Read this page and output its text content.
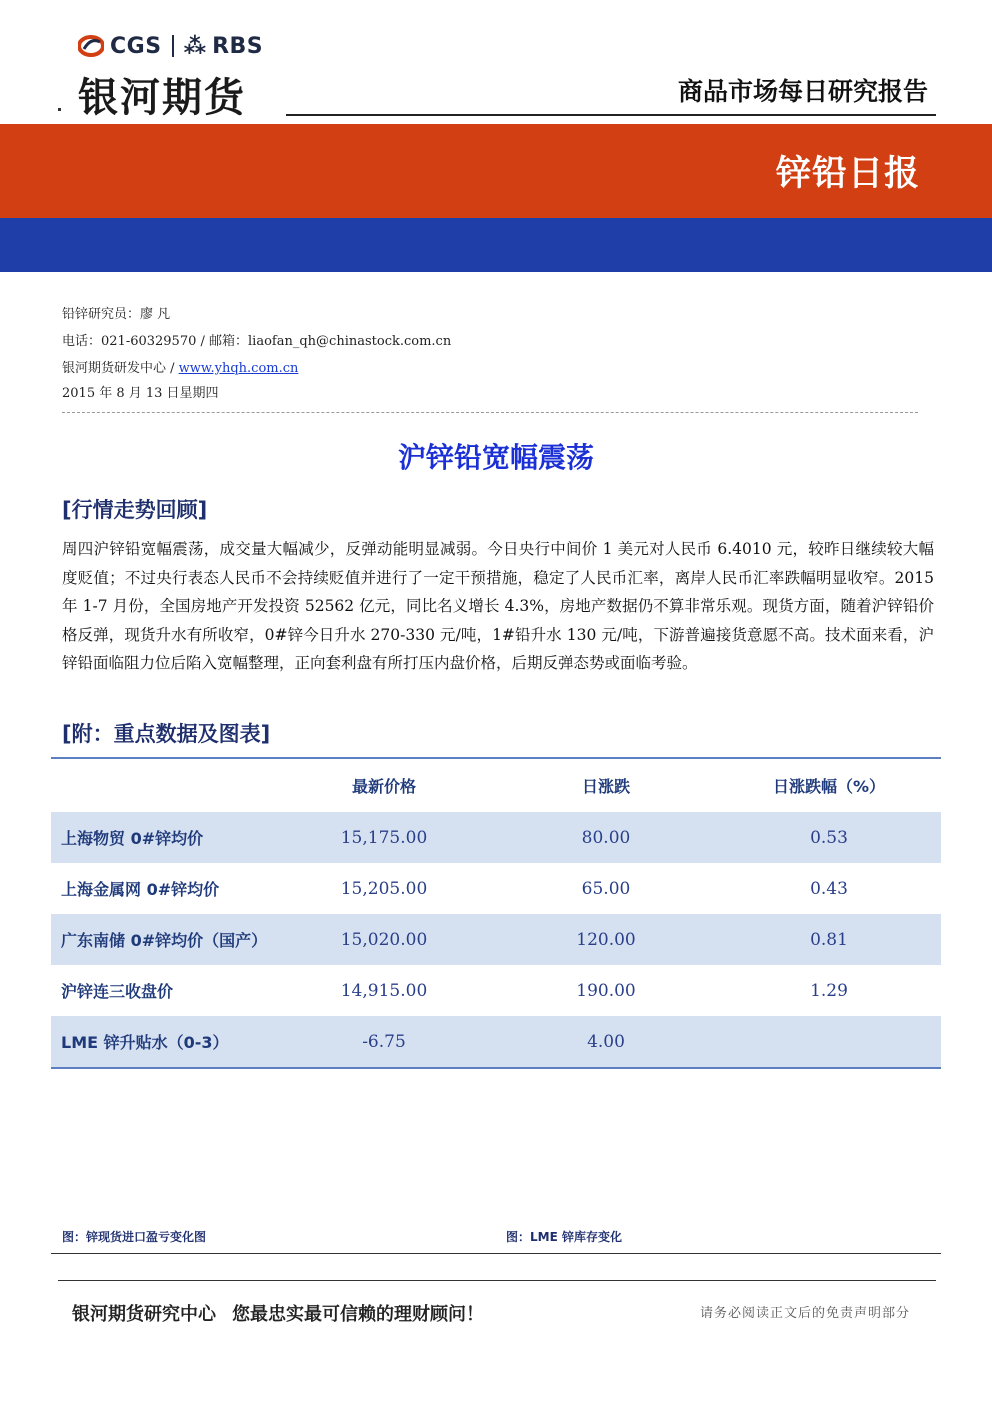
CGS ⁂ RBS
银河期货	商品市场每日研究报告
锌铅日报
铅锌研究员：廖 凡
电话：021-60329570 / 邮箱：liaofan_qh@chinastock.com.cn
银河期货研发中心 / www.yhqh.com.cn
2015 年 8 月 13 日星期四
沪锌铅宽幅震荡
[行情走势回顾]
周四沪锌铅宽幅震荡，成交量大幅减少，反弹动能明显减弱。今日央行中间价 1 美元对人民币 6.4010 元，较昨日继续较大幅度贬值；不过央行表态人民币不会持续贬值并进行了一定干预措施，稳定了人民币汇率，离岸人民币汇率跌幅明显收窄。2015 年 1-7 月份，全国房地产开发投资 52562 亿元，同比名义增长 4.3%，房地产数据仍不算非常乐观。现货方面，随着沪锌铅价格反弹，现货升水有所收窄，0#锌今日升水 270-330 元/吨，1#铅升水 130 元/吨，下游普遍接货意愿不高。技术面来看，沪锌铅面临阻力位后陷入宽幅整理，正向套利盘有所打压内盘价格，后期反弹态势或面临考验。
[附：重点数据及图表]
	最新价格	日涨跌	日涨跌幅（%）
上海物贸 0#锌均价	15,175.00	80.00	0.53
上海金属网 0#锌均价	15,205.00	65.00	0.43
广东南储 0#锌均价（国产）	15,020.00	120.00	0.81
沪锌连三收盘价	14,915.00	190.00	1.29
LME 锌升贴水（0-3）	-6.75	4.00	
图：锌现货进口盈亏变化图	图：LME 锌库存变化
银河期货研究中心 您最忠实最可信赖的理财顾问！	请务必阅读正文后的免责声明部分
